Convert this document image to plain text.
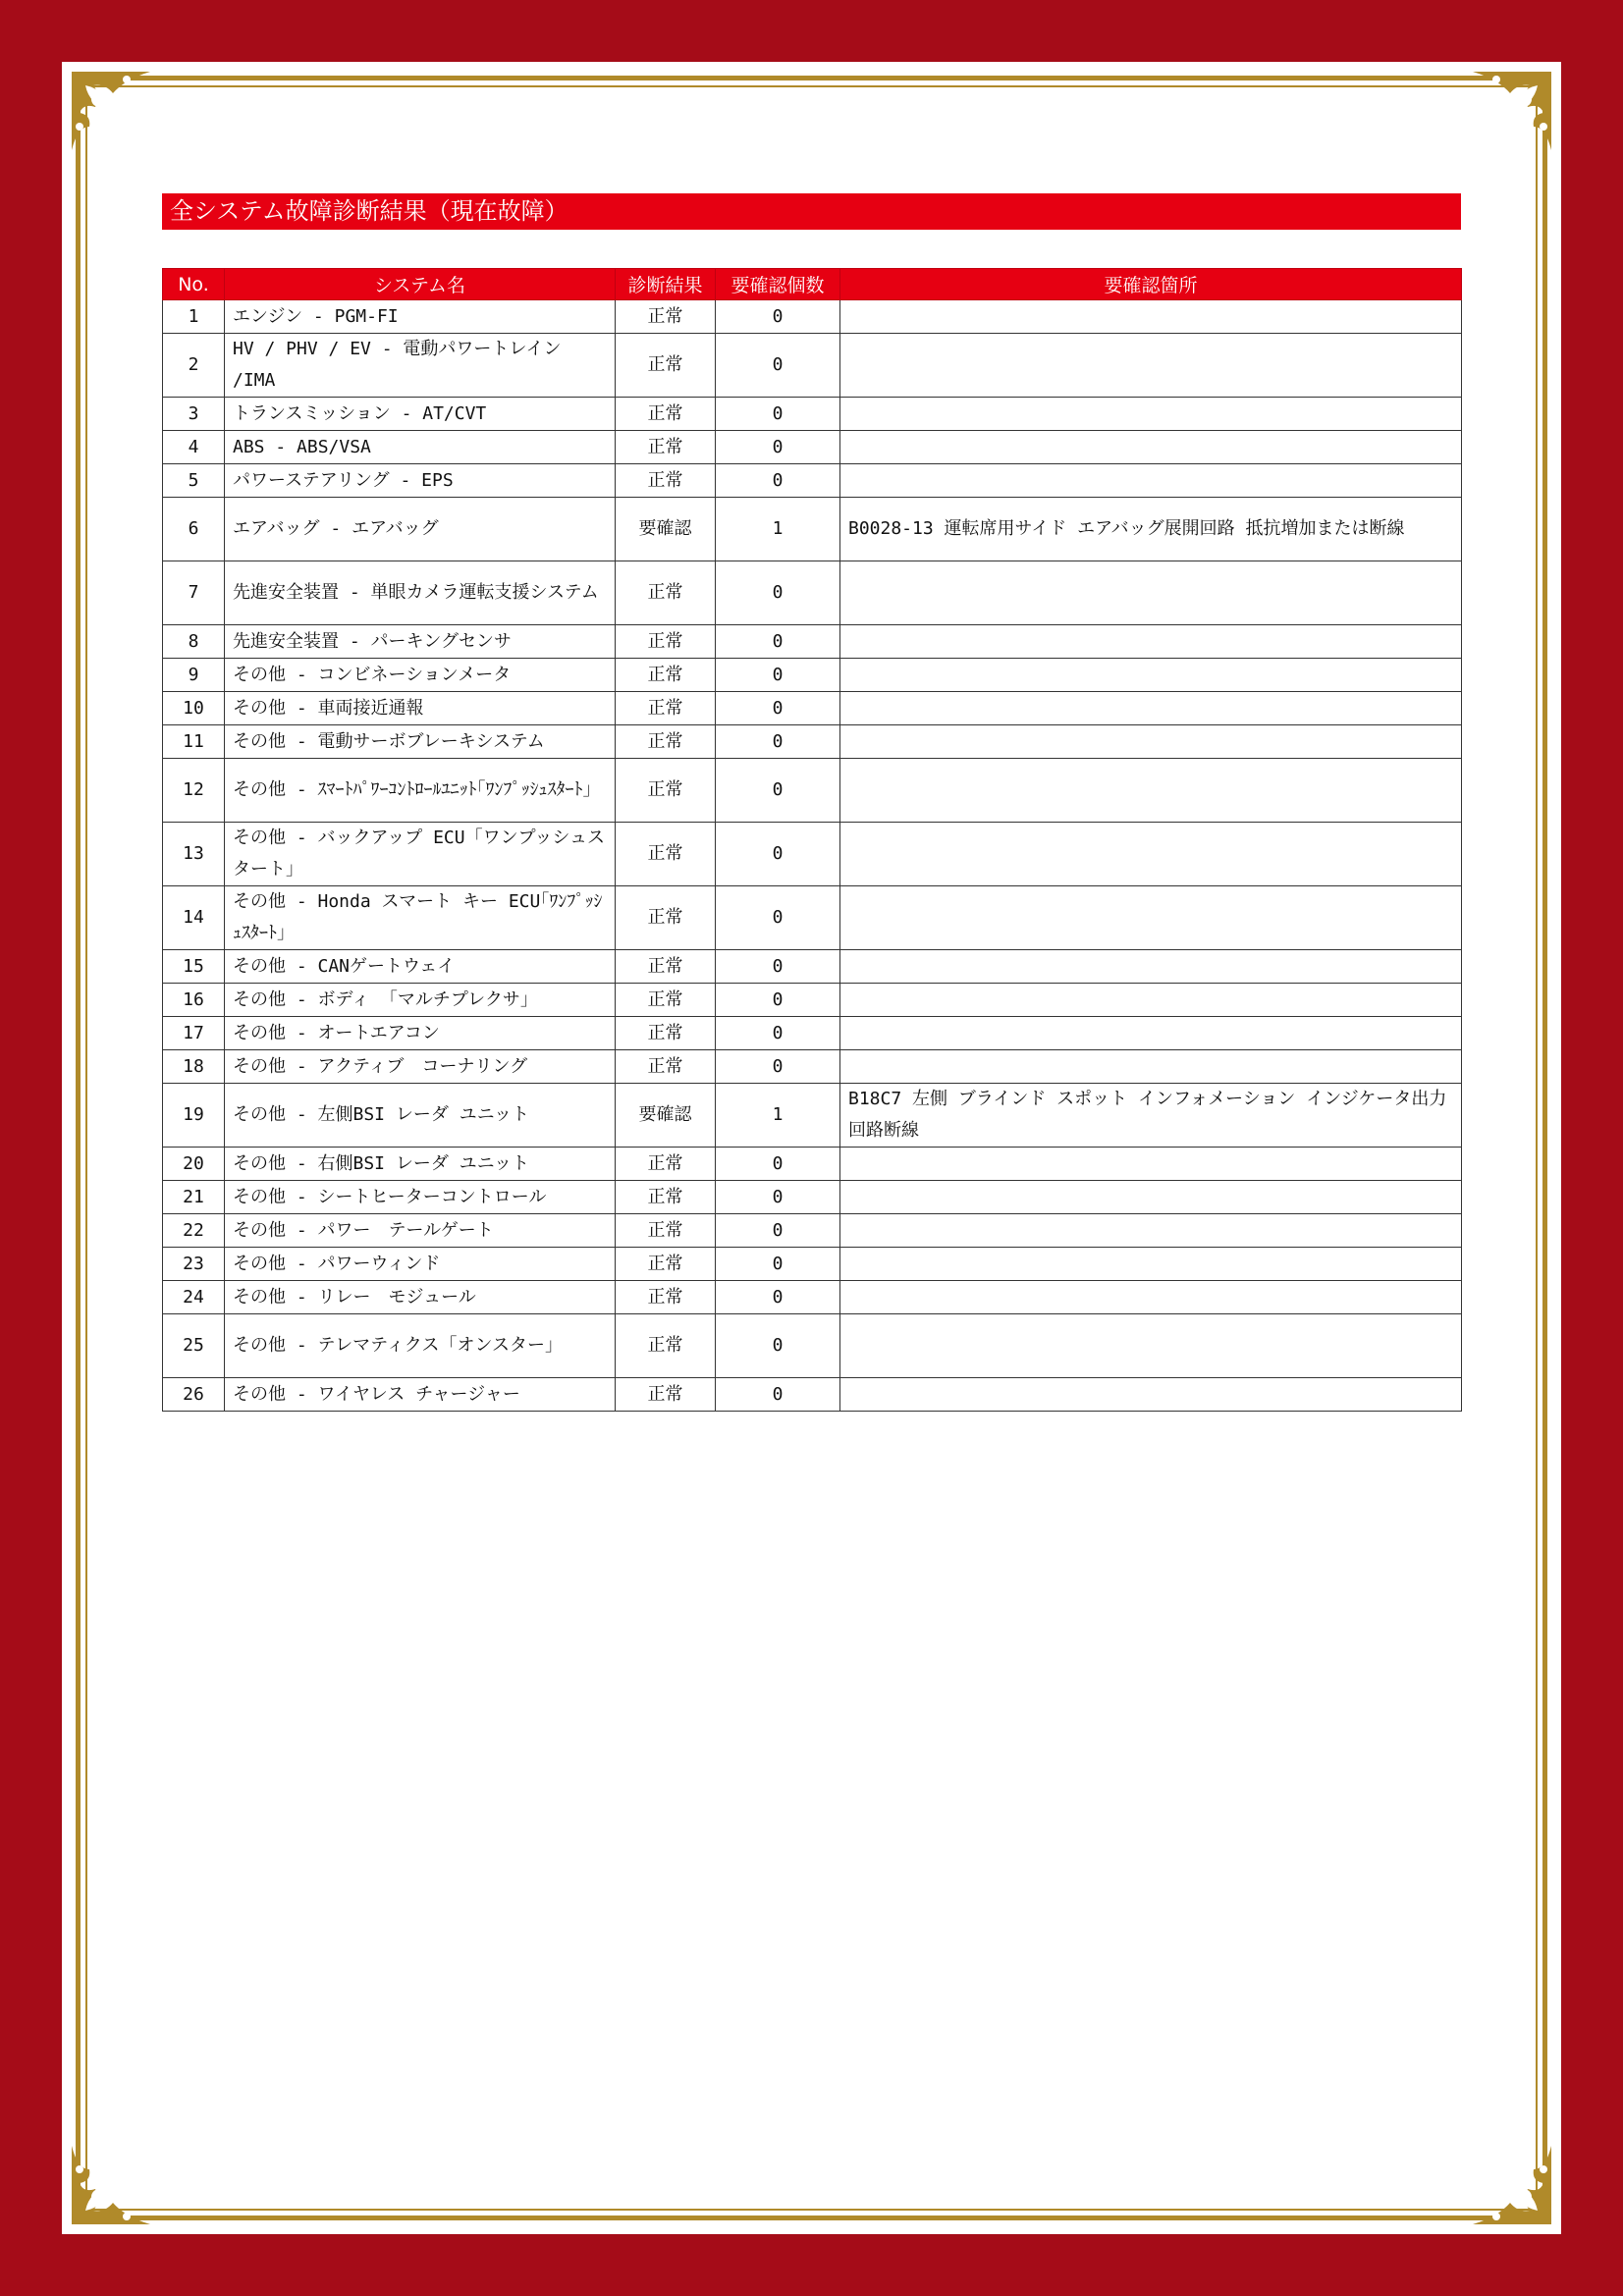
全システム故障診断結果（現在故障）
No.	システム名	診断結果	要確認個数	要確認箇所
1	エンジン - PGM-FI	正常	0	
2	HV / PHV / EV - 電動パワートレイン /IMA	正常	0	
3	トランスミッション - AT/CVT	正常	0	
4	ABS - ABS/VSA	正常	0	
5	パワーステアリング - EPS	正常	0	
6	エアバッグ - エアバッグ	要確認	1	B0028-13 運転席用サイド エアバッグ展開回路 抵抗増加または断線
7	先進安全装置 - 単眼カメラ運転支援システム	正常	0	
8	先進安全装置 - パーキングセンサ	正常	0	
9	その他 - コンビネーションメータ	正常	0	
10	その他 - 車両接近通報	正常	0	
11	その他 - 電動サーボブレーキシステム	正常	0	
12	その他 - ｽﾏｰﾄﾊﾟﾜｰｺﾝﾄﾛｰﾙﾕﾆｯﾄ｢ﾜﾝﾌﾟｯｼｭｽﾀｰﾄ｣	正常	0	
13	その他 - バックアップ ECU「ワンプッシュスタート」	正常	0	
14	その他 - Honda スマート キー ECU｢ﾜﾝﾌﾟｯｼｭｽﾀｰﾄ｣	正常	0	
15	その他 - CANゲートウェイ	正常	0	
16	その他 - ボディ 「マルチプレクサ」	正常	0	
17	その他 - オートエアコン	正常	0	
18	その他 - アクティブ　コーナリング	正常	0	
19	その他 - 左側BSI レーダ ユニット	要確認	1	B18C7 左側 ブラインド スポット インフォメーション インジケータ出力回路断線
20	その他 - 右側BSI レーダ ユニット	正常	0	
21	その他 - シートヒーターコントロール	正常	0	
22	その他 - パワー　テールゲート	正常	0	
23	その他 - パワーウィンド	正常	0	
24	その他 - リレー　モジュール	正常	0	
25	その他 - テレマティクス「オンスター」	正常	0	
26	その他 - ワイヤレス チャージャー	正常	0	
